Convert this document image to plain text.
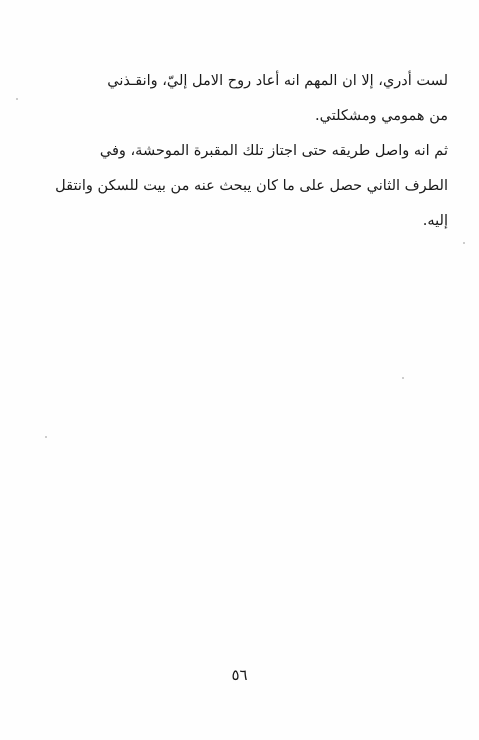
لست أدري، إلا ان المهم انه أعاد روح الامل إليّ، وانقـذني
من همومي ومشكلتي.

ثم انه واصل طريقه حتى اجتاز تلك المقبرة الموحشة، وفي
الطرف الثاني حصل على ما كان يبحث عنه من بيت للسكن وانتقل
إليه.

٥٦
